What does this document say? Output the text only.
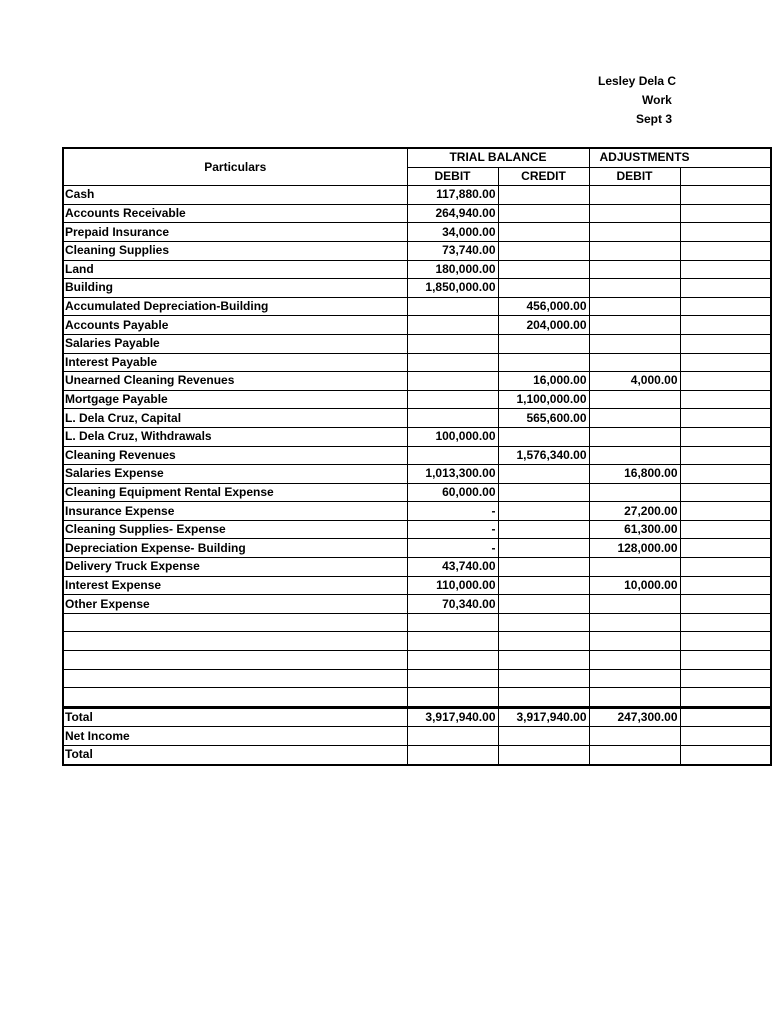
Lesley Dela C
Work
Sept 3
Particulars	TRIAL BALANCE		ADJUSTMENTS	
	DEBIT	CREDIT	DEBIT	
Cash	117,880.00			
Accounts Receivable	264,940.00			
Prepaid Insurance	34,000.00			
Cleaning Supplies	73,740.00			
Land	180,000.00			
Building	1,850,000.00			
Accumulated Depreciation-Building		456,000.00		
Accounts Payable		204,000.00		
Salaries Payable				
Interest Payable				
Unearned Cleaning Revenues		16,000.00	4,000.00	
Mortgage Payable		1,100,000.00		
L. Dela Cruz, Capital		565,600.00		
L. Dela Cruz, Withdrawals	100,000.00			
Cleaning Revenues		1,576,340.00		
Salaries Expense	1,013,300.00		16,800.00	
Cleaning Equipment Rental Expense	60,000.00			
Insurance Expense	-		27,200.00	
Cleaning Supplies- Expense	-		61,300.00	
Depreciation Expense- Building	-		128,000.00	
Delivery Truck Expense	43,740.00			
Interest Expense	110,000.00		10,000.00	
Other Expense	70,340.00			

Total	3,917,940.00	3,917,940.00	247,300.00	
Net Income				
Total				
